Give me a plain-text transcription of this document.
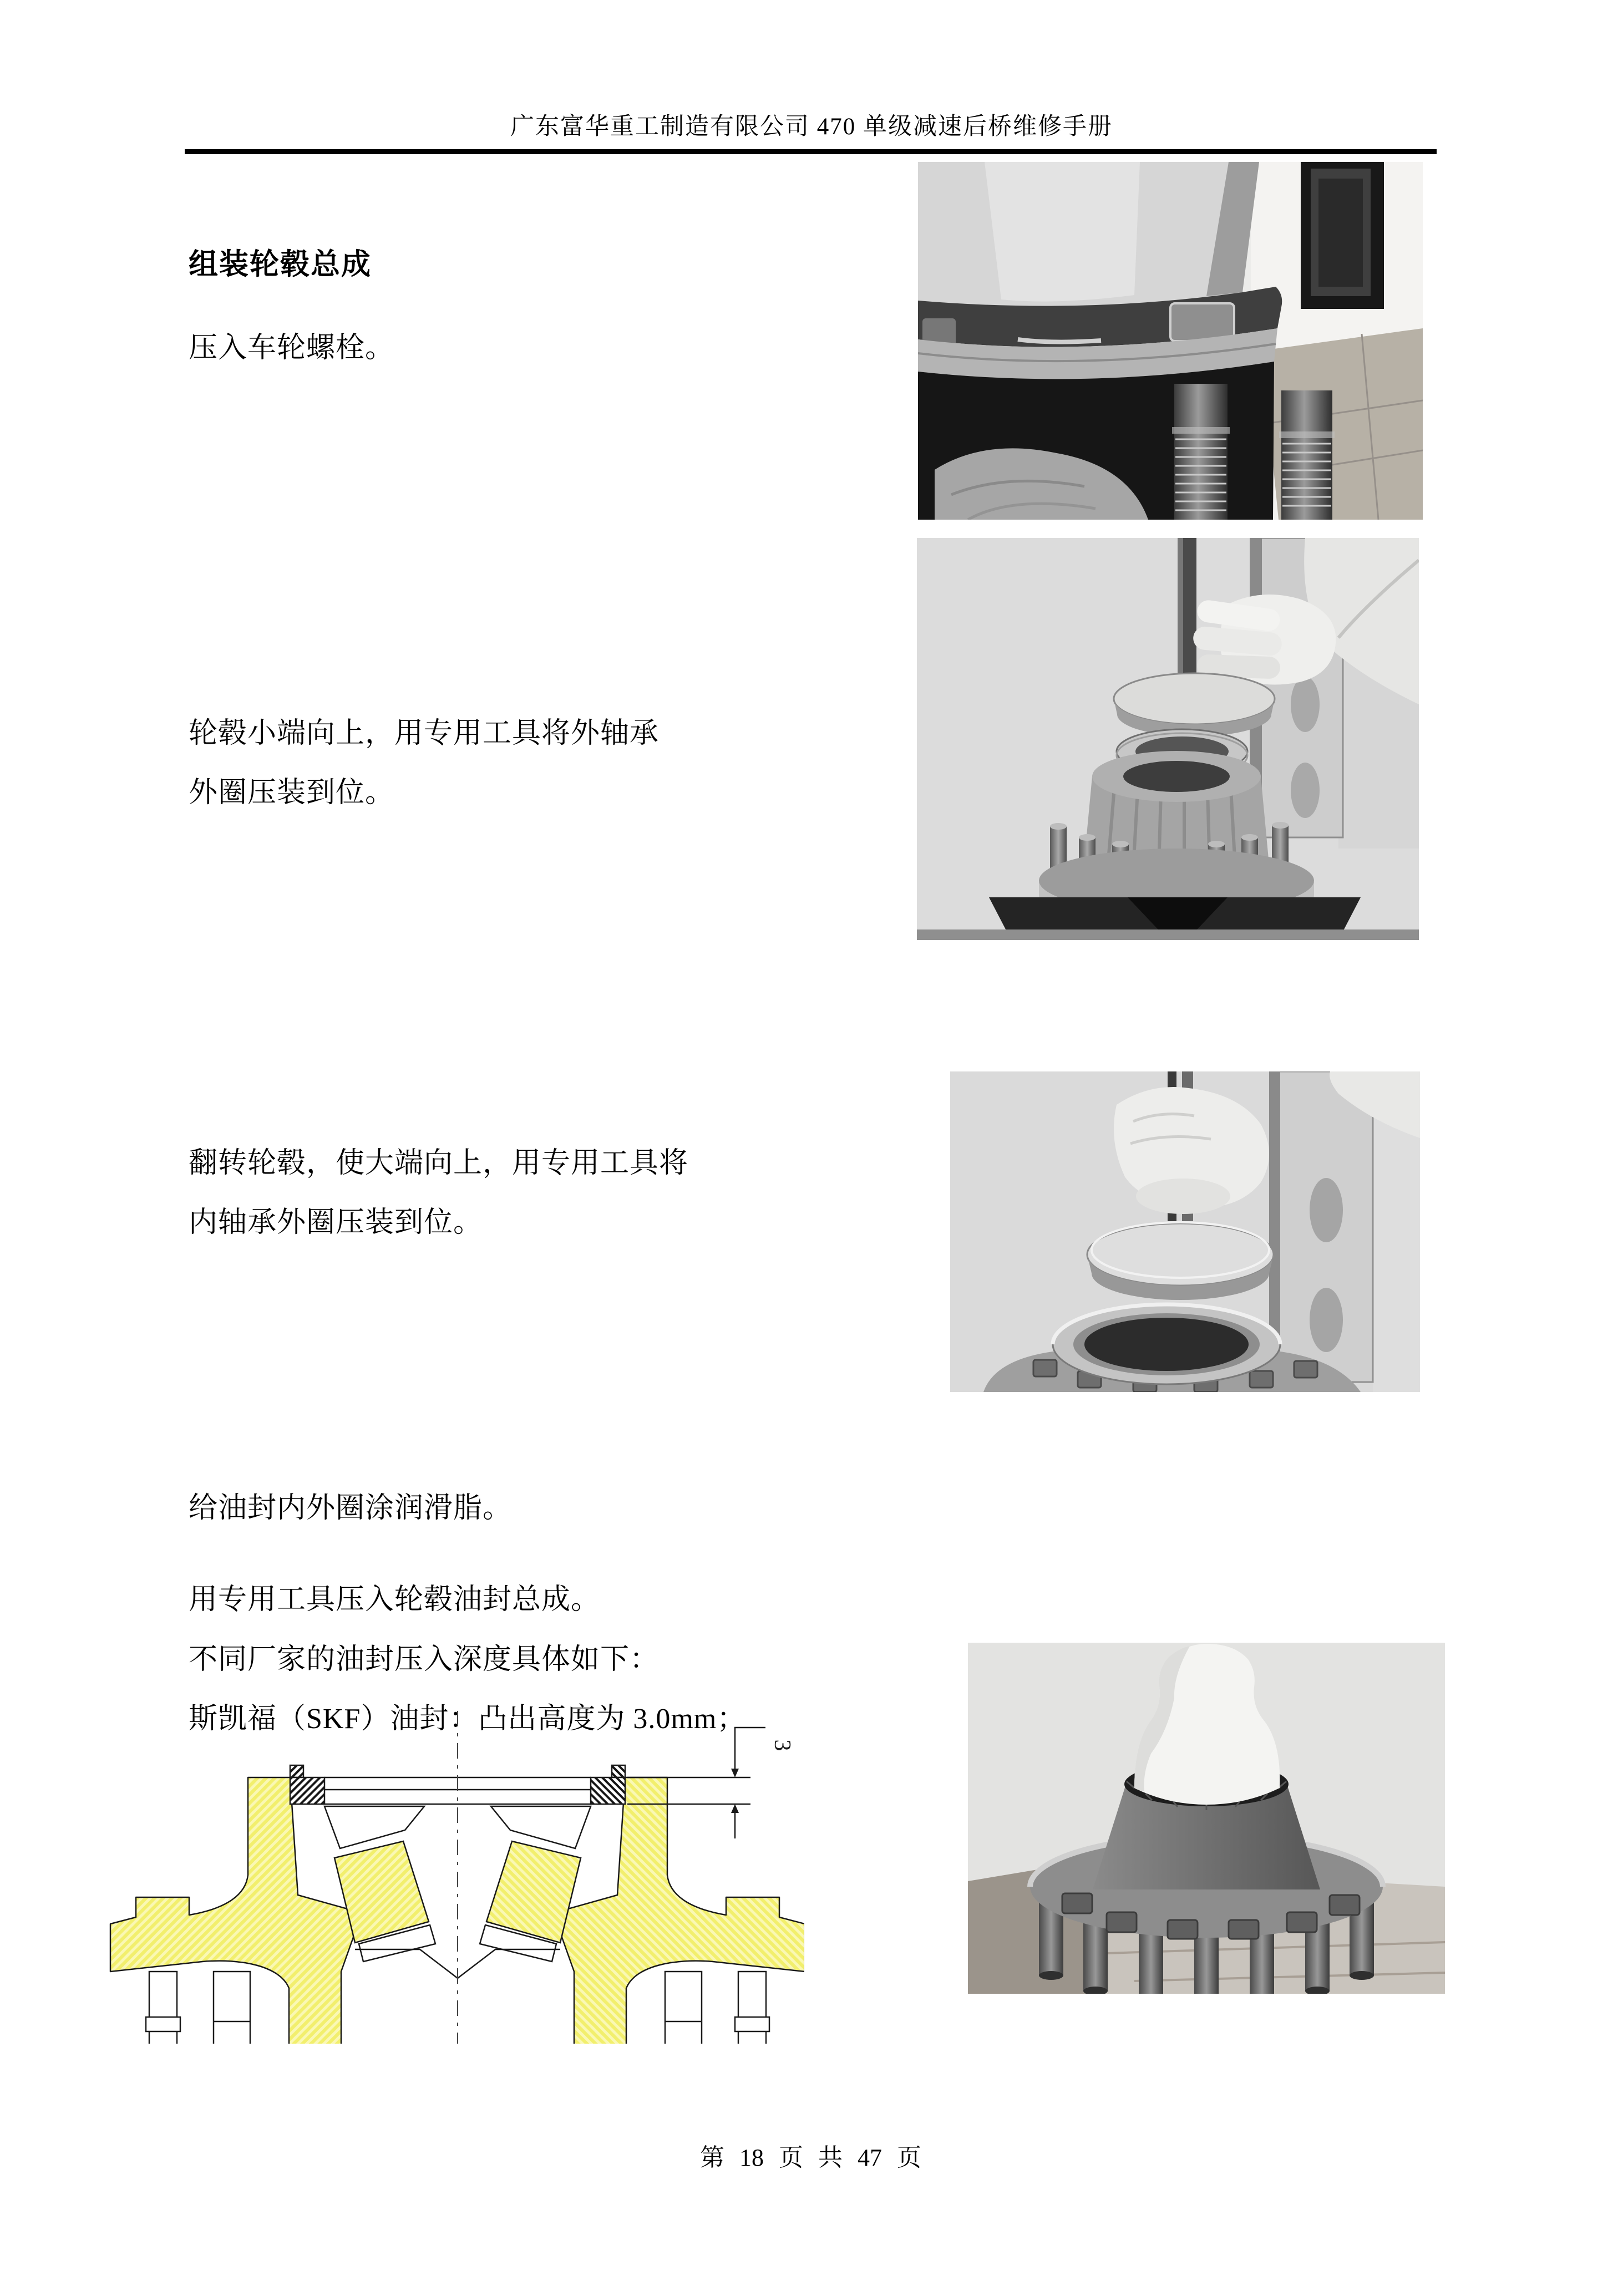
广东富华重工制造有限公司 470 单级减速后桥维修手册
组装轮毂总成
压入车轮螺栓。
轮毂小端向上，用专用工具将外轴承
外圈压装到位。
翻转轮毂，使大端向上，用专用工具将
内轴承外圈压装到位。
给油封内外圈涂润滑脂。
用专用工具压入轮毂油封总成。
不同厂家的油封压入深度具体如下：
斯凯福（SKF）油封：凸出高度为 3.0mm；
3
第 18 页 共 47 页
